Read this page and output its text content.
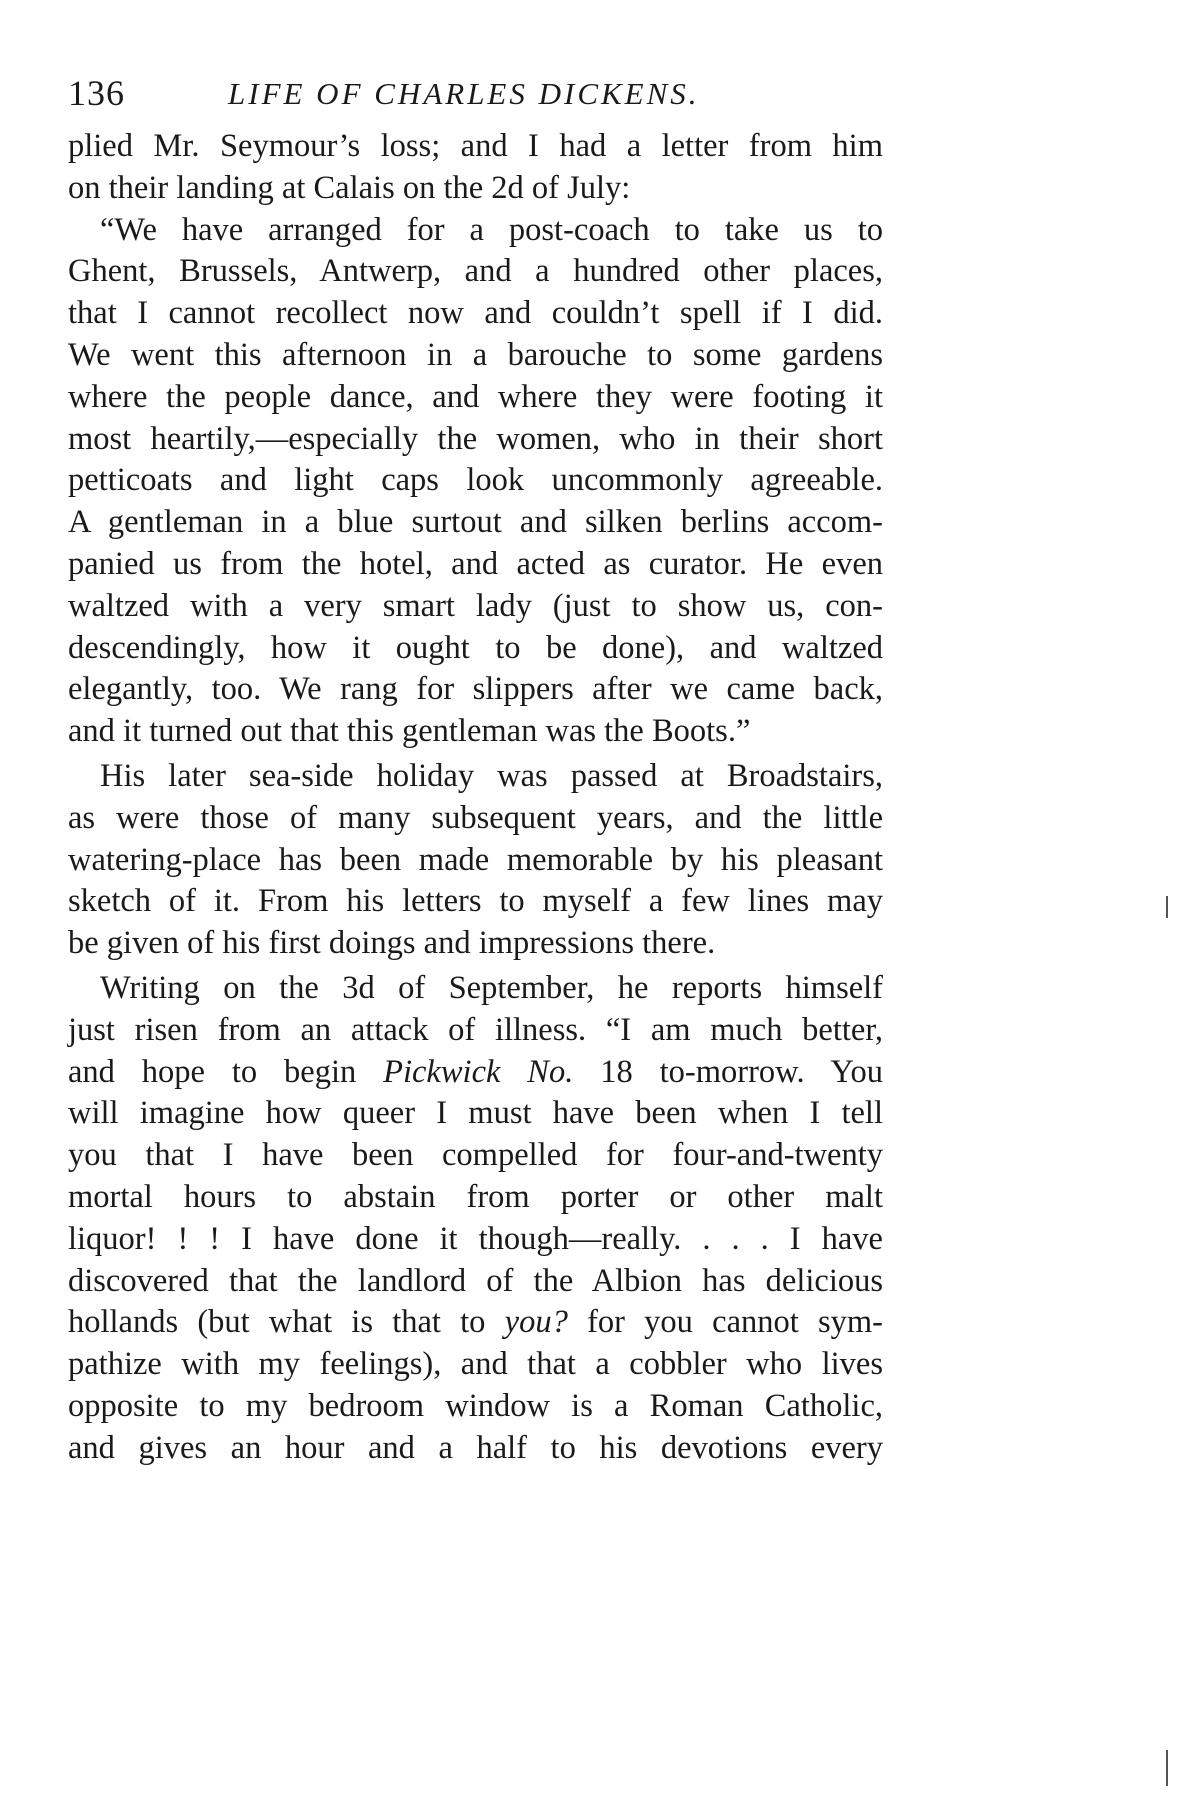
136	LIFE OF CHARLES DICKENS.
plied Mr. Seymour’s loss; and I had a letter from him
on their landing at Calais on the 2d of July:
“We have arranged for a post-coach to take us to
Ghent, Brussels, Antwerp, and a hundred other places,
that I cannot recollect now and couldn’t spell if I did.
We went this afternoon in a barouche to some gardens
where the people dance, and where they were footing it
most heartily,—especially the women, who in their short
petticoats and light caps look uncommonly agreeable.
A gentleman in a blue surtout and silken berlins accom-
panied us from the hotel, and acted as curator. He even
waltzed with a very smart lady (just to show us, con-
descendingly, how it ought to be done), and waltzed
elegantly, too. We rang for slippers after we came back,
and it turned out that this gentleman was the Boots.”
His later sea-side holiday was passed at Broadstairs,
as were those of many subsequent years, and the little
watering-place has been made memorable by his pleasant
sketch of it. From his letters to myself a few lines may
be given of his first doings and impressions there.
Writing on the 3d of September, he reports himself
just risen from an attack of illness. “I am much better,
and hope to begin Pickwick No. 18 to-morrow. You
will imagine how queer I must have been when I tell
you that I have been compelled for four-and-twenty
mortal hours to abstain from porter or other malt
liquor! ! ! I have done it though—really. . . . I have
discovered that the landlord of the Albion has delicious
hollands (but what is that to you? for you cannot sym-
pathize with my feelings), and that a cobbler who lives
opposite to my bedroom window is a Roman Catholic,
and gives an hour and a half to his devotions every
